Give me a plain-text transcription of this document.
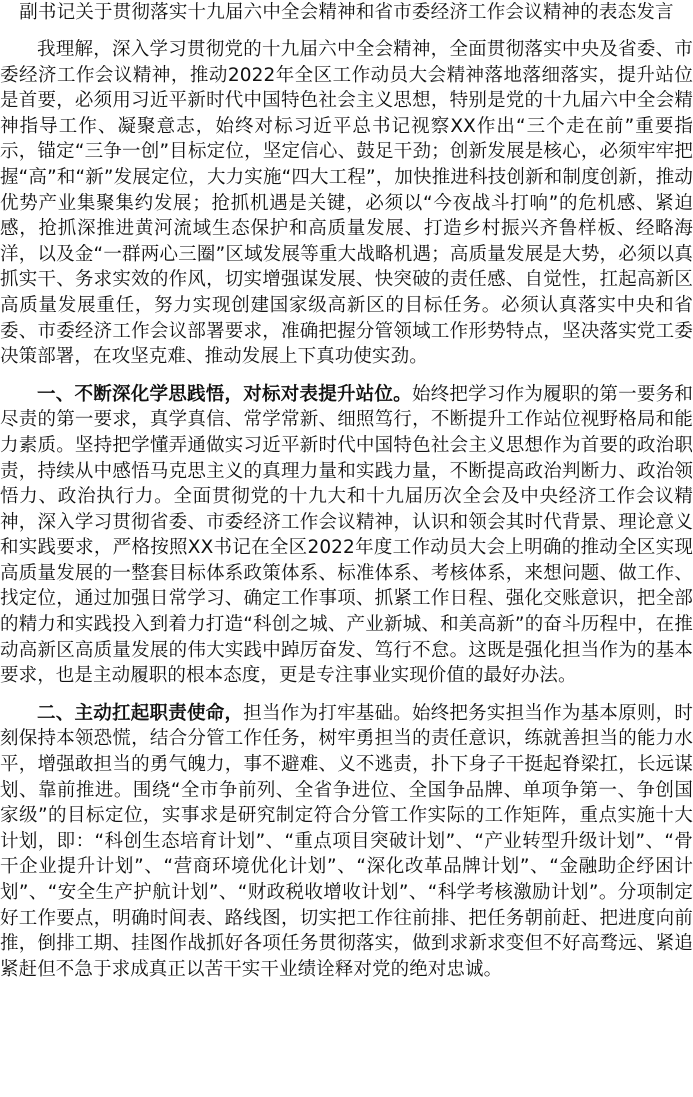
副书记关于贯彻落实十九届六中全会精神和省市委经济工作会议精神的表态发言

我理解，深入学习贯彻党的十九届六中全会精神，全面贯彻落实中央及省委、市委经济工作会议精神，推动2022年全区工作动员大会精神落地落细落实，提升站位是首要，必须用习近平新时代中国特色社会主义思想，特别是党的十九届六中全会精神指导工作、凝聚意志，始终对标习近平总书记视察XX作出“三个走在前”重要指示，锚定“三争一创”目标定位，坚定信心、鼓足干劲；创新发展是核心，必须牢牢把握“高”和“新”发展定位，大力实施“四大工程”，加快推进科技创新和制度创新，推动优势产业集聚集约发展；抢抓机遇是关键，必须以“今夜战斗打响”的危机感、紧迫感，抢抓深推进黄河流域生态保护和高质量发展、打造乡村振兴齐鲁样板、经略海洋，以及金“一群两心三圈”区域发展等重大战略机遇；高质量发展是大势，必须以真抓实干、务求实效的作风，切实增强谋发展、快突破的责任感、自觉性，扛起高新区高质量发展重任，努力实现创建国家级高新区的目标任务。必须认真落实中央和省委、市委经济工作会议部署要求，准确把握分管领域工作形势特点，坚决落实党工委决策部署，在攻坚克难、推动发展上下真功使实劲。

一、不断深化学思践悟，对标对表提升站位。始终把学习作为履职的第一要务和尽责的第一要求，真学真信、常学常新、细照笃行，不断提升工作站位视野格局和能力素质。坚持把学懂弄通做实习近平新时代中国特色社会主义思想作为首要的政治职责，持续从中感悟马克思主义的真理力量和实践力量，不断提高政治判断力、政治领悟力、政治执行力。全面贯彻党的十九大和十九届历次全会及中央经济工作会议精神，深入学习贯彻省委、市委经济工作会议精神，认识和领会其时代背景、理论意义和实践要求，严格按照XX书记在全区2022年度工作动员大会上明确的推动全区实现高质量发展的一整套目标体系政策体系、标准体系、考核体系，来想问题、做工作、找定位，通过加强日常学习、确定工作事项、抓紧工作日程、强化交账意识，把全部的精力和实践投入到着力打造“科创之城、产业新城、和美高新”的奋斗历程中，在推动高新区高质量发展的伟大实践中踔厉奋发、笃行不怠。这既是强化担当作为的基本要求，也是主动履职的根本态度，更是专注事业实现价值的最好办法。

二、主动扛起职责使命，担当作为打牢基础。始终把务实担当作为基本原则，时刻保持本领恐慌，结合分管工作任务，树牢勇担当的责任意识，练就善担当的能力水平，增强敢担当的勇气魄力，事不避难、义不逃责，扑下身子干挺起脊梁扛，长远谋划、靠前推进。围绕“全市争前列、全省争进位、全国争品牌、单项争第一、争创国家级”的目标定位，实事求是研究制定符合分管工作实际的工作矩阵，重点实施十大计划，即：“科创生态培育计划”、“重点项目突破计划”、“产业转型升级计划”、“骨干企业提升计划”、“营商环境优化计划”、“深化改革品牌计划”、“金融助企纾困计划”、“安全生产护航计划”、“财政税收增收计划”、“科学考核激励计划”。分项制定好工作要点，明确时间表、路线图，切实把工作往前排、把任务朝前赶、把进度向前推，倒排工期、挂图作战抓好各项任务贯彻落实，做到求新求变但不好高骛远、紧追紧赶但不急于求成真正以苦干实干业绩诠释对党的绝对忠诚。
